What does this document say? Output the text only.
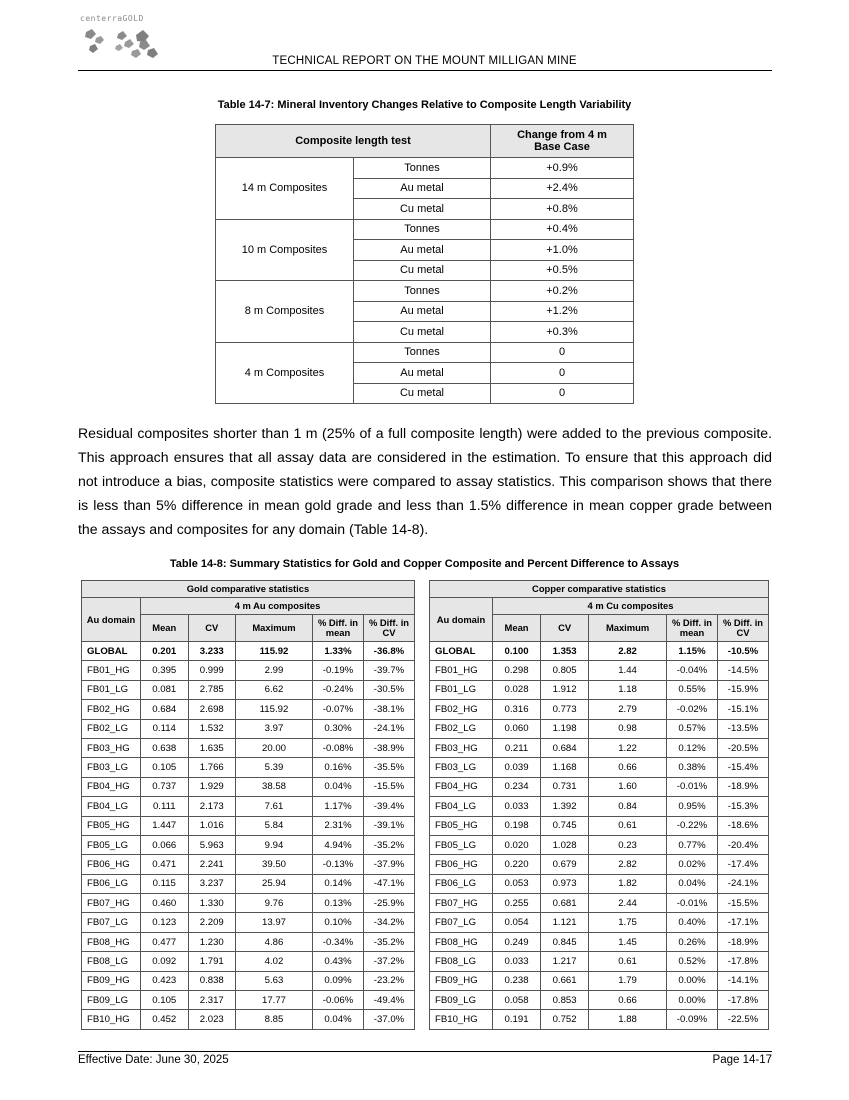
centerraGOLD
TECHNICAL REPORT ON THE MOUNT MILLIGAN MINE
Table 14-7: Mineral Inventory Changes Relative to Composite Length Variability
Composite length test		Change from 4 m
Base Case
14 m Composites	Tonnes	+0.9%
	Au metal	+2.4%
	Cu metal	+0.8%
10 m Composites	Tonnes	+0.4%
	Au metal	+1.0%
	Cu metal	+0.5%
8 m Composites	Tonnes	+0.2%
	Au metal	+1.2%
	Cu metal	+0.3%
4 m Composites	Tonnes	0
	Au metal	0
	Cu metal	0

Residual composites shorter than 1 m (25% of a full composite length) were added to the previous composite. This approach ensures that all assay data are considered in the estimation. To ensure that this approach did not introduce a bias, composite statistics were compared to assay statistics. This comparison shows that there is less than 5% difference in mean gold grade and less than 1.5% difference in mean copper grade between the assays and composites for any domain (Table 14-8).

Table 14-8: Summary Statistics for Gold and Copper Composite and Percent Difference to Assays
Gold comparative statistics					
Au domain	4 m Au composites				
	Mean	CV	Maximum	% Diff. in mean	% Diff. in CV
GLOBAL	0.201	3.233	115.92	1.33%	-36.8%
FB01_HG	0.395	0.999	2.99	-0.19%	-39.7%
FB01_LG	0.081	2.785	6.62	-0.24%	-30.5%
FB02_HG	0.684	2.698	115.92	-0.07%	-38.1%
FB02_LG	0.114	1.532	3.97	0.30%	-24.1%
FB03_HG	0.638	1.635	20.00	-0.08%	-38.9%
FB03_LG	0.105	1.766	5.39	0.16%	-35.5%
FB04_HG	0.737	1.929	38.58	0.04%	-15.5%
FB04_LG	0.111	2.173	7.61	1.17%	-39.4%
FB05_HG	1.447	1.016	5.84	2.31%	-39.1%
FB05_LG	0.066	5.963	9.94	4.94%	-35.2%
FB06_HG	0.471	2.241	39.50	-0.13%	-37.9%
FB06_LG	0.115	3.237	25.94	0.14%	-47.1%
FB07_HG	0.460	1.330	9.76	0.13%	-25.9%
FB07_LG	0.123	2.209	13.97	0.10%	-34.2%
FB08_HG	0.477	1.230	4.86	-0.34%	-35.2%
FB08_LG	0.092	1.791	4.02	0.43%	-37.2%
FB09_HG	0.423	0.838	5.63	0.09%	-23.2%
FB09_LG	0.105	2.317	17.77	-0.06%	-49.4%
FB10_HG	0.452	2.023	8.85	0.04%	-37.0%
Copper comparative statistics					
Au domain	4 m Cu composites				
	Mean	CV	Maximum	% Diff. in mean	% Diff. in CV
GLOBAL	0.100	1.353	2.82	1.15%	-10.5%
FB01_HG	0.298	0.805	1.44	-0.04%	-14.5%
FB01_LG	0.028	1.912	1.18	0.55%	-15.9%
FB02_HG	0.316	0.773	2.79	-0.02%	-15.1%
FB02_LG	0.060	1.198	0.98	0.57%	-13.5%
FB03_HG	0.211	0.684	1.22	0.12%	-20.5%
FB03_LG	0.039	1.168	0.66	0.38%	-15.4%
FB04_HG	0.234	0.731	1.60	-0.01%	-18.9%
FB04_LG	0.033	1.392	0.84	0.95%	-15.3%
FB05_HG	0.198	0.745	0.61	-0.22%	-18.6%
FB05_LG	0.020	1.028	0.23	0.77%	-20.4%
FB06_HG	0.220	0.679	2.82	0.02%	-17.4%
FB06_LG	0.053	0.973	1.82	0.04%	-24.1%
FB07_HG	0.255	0.681	2.44	-0.01%	-15.5%
FB07_LG	0.054	1.121	1.75	0.40%	-17.1%
FB08_HG	0.249	0.845	1.45	0.26%	-18.9%
FB08_LG	0.033	1.217	0.61	0.52%	-17.8%
FB09_HG	0.238	0.661	1.79	0.00%	-14.1%
FB09_LG	0.058	0.853	0.66	0.00%	-17.8%
FB10_HG	0.191	0.752	1.88	-0.09%	-22.5%
Effective Date: June 30, 2025	Page 14-17
